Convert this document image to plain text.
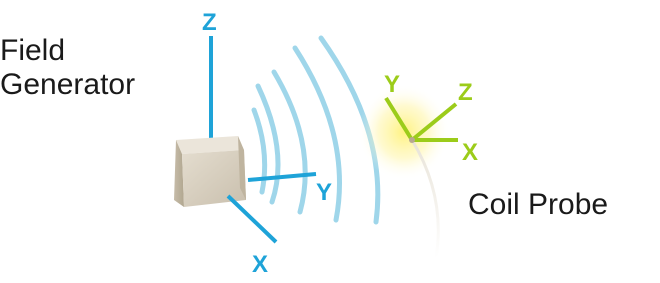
Z
Y
X
Y Z
X
Field
Generator
Coil Probe
